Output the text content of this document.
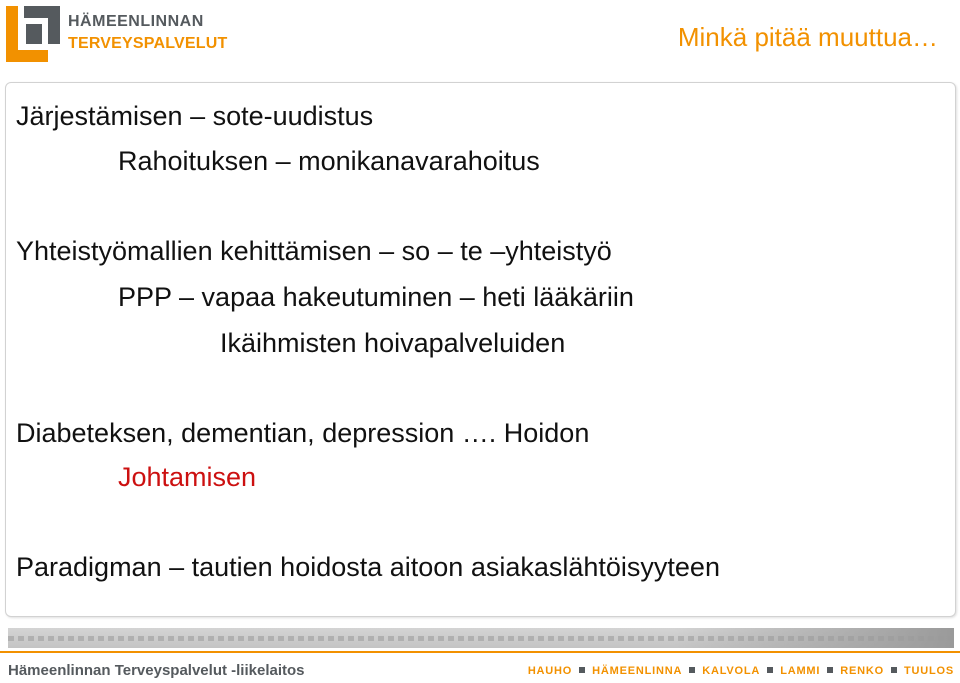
HÄMEENLINNAN
TERVEYSPALVELUT	Minkä pitää muuttua…
Järjestämisen – sote-uudistus
Rahoituksen – monikanavarahoitus
Yhteistyömallien kehittämisen – so – te –yhteistyö
PPP – vapaa hakeutuminen – heti lääkäriin
Ikäihmisten hoivapalveluiden
Diabeteksen, dementian, depression …. Hoidon
Johtamisen
Paradigman – tautien hoidosta aitoon asiakaslähtöisyyteen
Hämeenlinnan Terveyspalvelut -liikelaitos	HAUHO HÄMEENLINNA KALVOLA LAMMI RENKO TUULOS
